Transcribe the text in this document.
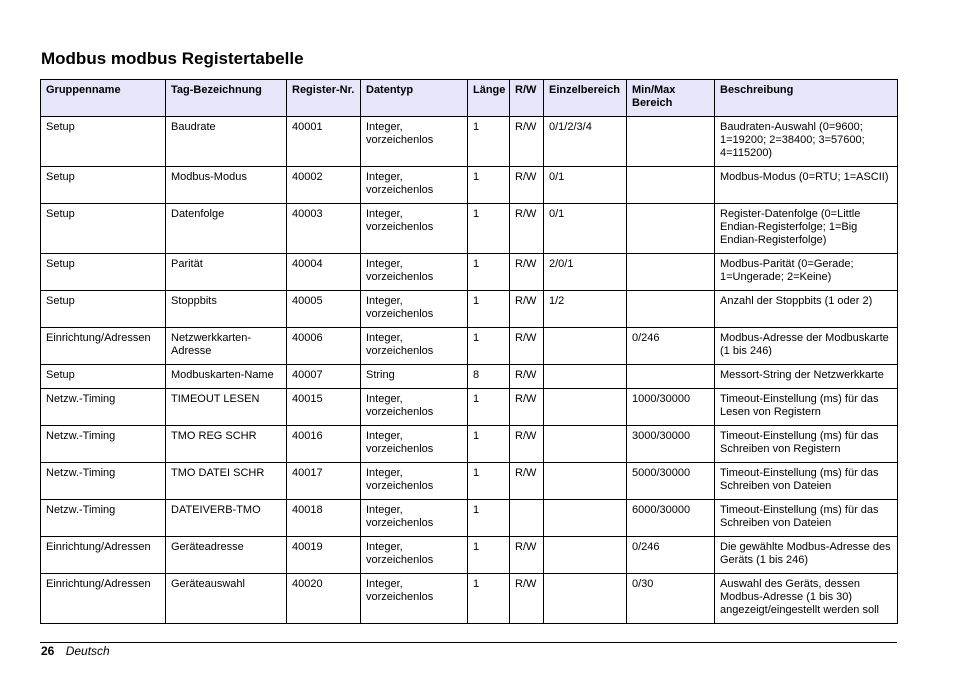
Modbus modbus Registertabelle
Gruppenname	Tag-Bezeichnung	Register-Nr.	Datentyp	Länge	R/W	Einzelbereich	Min/Max Bereich	Beschreibung
Setup	Baudrate	40001	Integer, vorzeichenlos	1	R/W	0/1/2/3/4		Baudraten-Auswahl (0=9600; 1=19200; 2=38400; 3=57600; 4=115200)
Setup	Modbus-Modus	40002	Integer, vorzeichenlos	1	R/W	0/1		Modbus-Modus (0=RTU; 1=ASCII)
Setup	Datenfolge	40003	Integer, vorzeichenlos	1	R/W	0/1		Register-Datenfolge (0=Little Endian-Registerfolge; 1=Big Endian-Registerfolge)
Setup	Parität	40004	Integer, vorzeichenlos	1	R/W	2/0/1		Modbus-Parität (0=Gerade; 1=Ungerade; 2=Keine)
Setup	Stoppbits	40005	Integer, vorzeichenlos	1	R/W	1/2		Anzahl der Stoppbits (1 oder 2)
Einrichtung/Adressen	Netzwerkkarten-Adresse	40006	Integer, vorzeichenlos	1	R/W		0/246	Modbus-Adresse der Modbuskarte (1 bis 246)
Setup	Modbuskarten-Name	40007	String	8	R/W			Messort-String der Netzwerkkarte
Netzw.-Timing	TIMEOUT LESEN	40015	Integer, vorzeichenlos	1	R/W		1000/30000	Timeout-Einstellung (ms) für das Lesen von Registern
Netzw.-Timing	TMO REG SCHR	40016	Integer, vorzeichenlos	1	R/W		3000/30000	Timeout-Einstellung (ms) für das Schreiben von Registern
Netzw.-Timing	TMO DATEI SCHR	40017	Integer, vorzeichenlos	1	R/W		5000/30000	Timeout-Einstellung (ms) für das Schreiben von Dateien
Netzw.-Timing	DATEIVERB-TMO	40018	Integer, vorzeichenlos	1			6000/30000	Timeout-Einstellung (ms) für das Schreiben von Dateien
Einrichtung/Adressen	Geräteadresse	40019	Integer, vorzeichenlos	1	R/W		0/246	Die gewählte Modbus-Adresse des Geräts (1 bis 246)
Einrichtung/Adressen	Geräteauswahl	40020	Integer, vorzeichenlos	1	R/W		0/30	Auswahl des Geräts, dessen Modbus-Adresse (1 bis 30) angezeigt/eingestellt werden soll
26 Deutsch
